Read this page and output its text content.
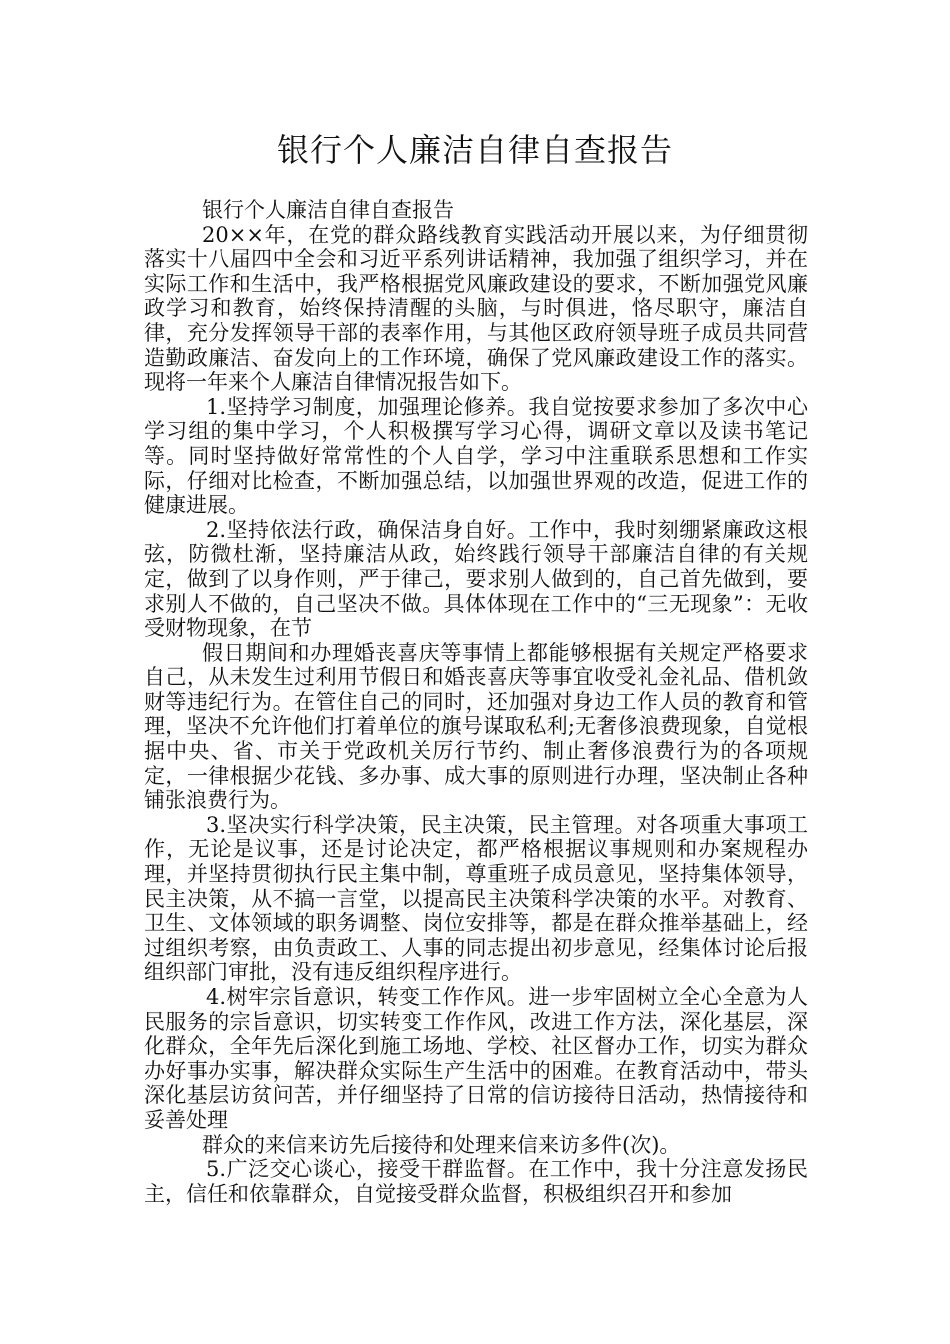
银行个人廉洁自律自查报告

银行个人廉洁自律自查报告

20××年，在党的群众路线教育实践活动开展以来，为仔细贯彻落实十八届四中全会和习近平系列讲话精神，我加强了组织学习，并在实际工作和生活中，我严格根据党风廉政建设的要求，不断加强党风廉政学习和教育，始终保持清醒的头脑，与时俱进，恪尽职守，廉洁自律，充分发挥领导干部的表率作用，与其他区政府领导班子成员共同营造勤政廉洁、奋发向上的工作环境，确保了党风廉政建设工作的落实。现将一年来个人廉洁自律情况报告如下。

1.坚持学习制度，加强理论修养。我自觉按要求参加了多次中心学习组的集中学习，个人积极撰写学习心得，调研文章以及读书笔记等。同时坚持做好常常性的个人自学，学习中注重联系思想和工作实际，仔细对比检查，不断加强总结，以加强世界观的改造，促进工作的健康进展。

2.坚持依法行政，确保洁身自好。工作中，我时刻绷紧廉政这根弦，防微杜渐，坚持廉洁从政，始终践行领导干部廉洁自律的有关规定，做到了以身作则，严于律己，要求别人做到的，自己首先做到，要求别人不做的，自己坚决不做。具体体现在工作中的“三无现象”：无收受财物现象，在节

假日期间和办理婚丧喜庆等事情上都能够根据有关规定严格要求自己，从未发生过利用节假日和婚丧喜庆等事宜收受礼金礼品、借机敛财等违纪行为。在管住自己的同时，还加强对身边工作人员的教育和管理，坚决不允许他们打着单位的旗号谋取私利;无奢侈浪费现象，自觉根据中央、省、市关于党政机关厉行节约、制止奢侈浪费行为的各项规定，一律根据少花钱、多办事、成大事的原则进行办理，坚决制止各种铺张浪费行为。

3.坚决实行科学决策，民主决策，民主管理。对各项重大事项工作，无论是议事，还是讨论决定，都严格根据议事规则和办案规程办理，并坚持贯彻执行民主集中制，尊重班子成员意见，坚持集体领导，民主决策，从不搞一言堂，以提高民主决策科学决策的水平。对教育、卫生、文体领域的职务调整、岗位安排等，都是在群众推举基础上，经过组织考察，由负责政工、人事的同志提出初步意见，经集体讨论后报组织部门审批，没有违反组织程序进行。

4.树牢宗旨意识，转变工作作风。进一步牢固树立全心全意为人民服务的宗旨意识，切实转变工作作风，改进工作方法，深化基层，深化群众，全年先后深化到施工场地、学校、社区督办工作，切实为群众办好事办实事，解决群众实际生产生活中的困难。在教育活动中，带头深化基层访贫问苦，并仔细坚持了日常的信访接待日活动，热情接待和妥善处理

群众的来信来访先后接待和处理来信来访多件(次)。

5.广泛交心谈心，接受干群监督。在工作中，我十分注意发扬民主，信任和依靠群众，自觉接受群众监督，积极组织召开和参加
